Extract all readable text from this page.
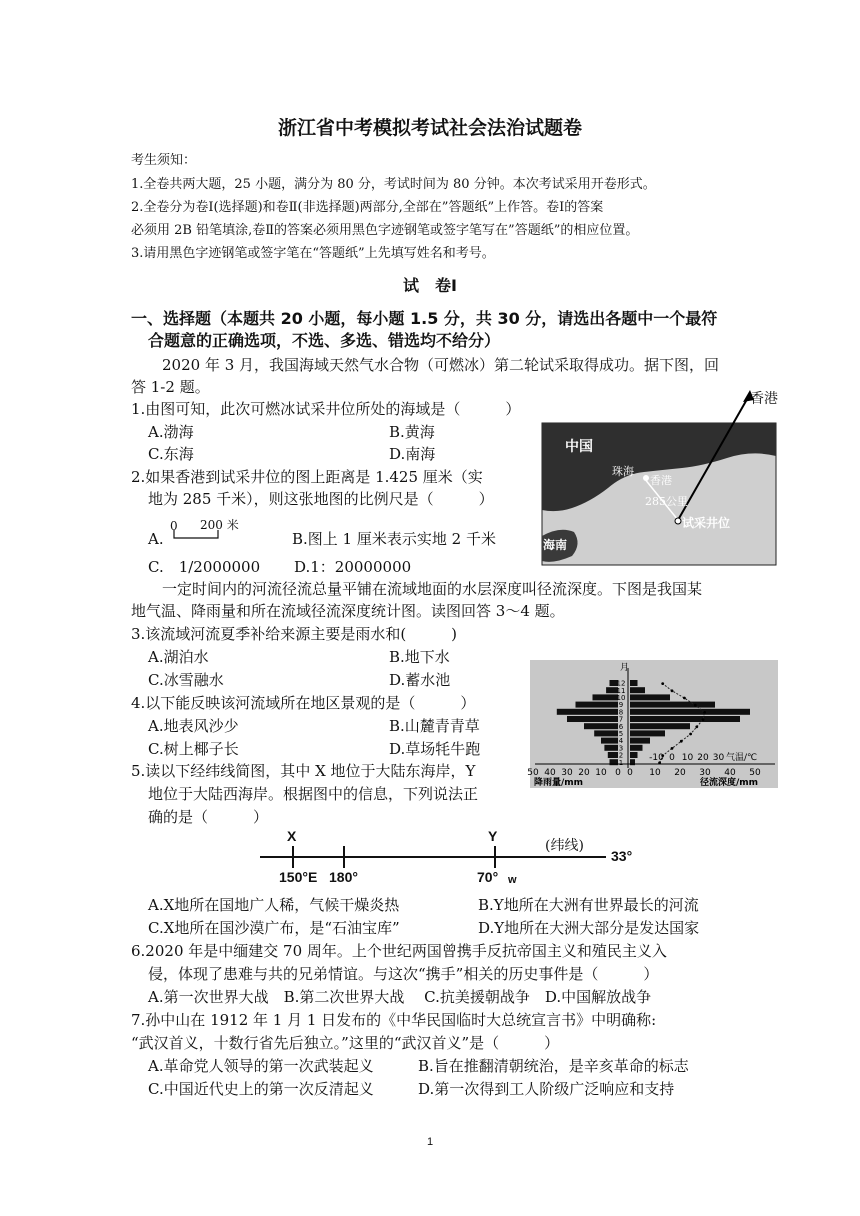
浙江省中考模拟考试社会法治试题卷
考生须知：
1.全卷共两大题，25 小题，满分为 80 分，考试时间为 80 分钟。本次考试采用开卷形式。
2.全卷分为卷Ⅰ(选择题)和卷Ⅱ(非选择题)两部分,全部在”答题纸”上作答。卷Ⅰ的答案
必须用 2B 铅笔填涂,卷Ⅱ的答案必须用黑色字迹钢笔或签字笔写在”答题纸”的相应位置。
3.请用黑色字迹钢笔或签字笔在“答题纸”上先填写姓名和考号。
试　卷Ⅰ
一、选择题（本题共 20 小题，每小题 1.5 分，共 30 分，请选出各题中一个最符
合题意的正确选项，不选、多选、错选均不给分）
2020 年 3 月，我国海域天然气水合物（可燃冰）第二轮试采取得成功。据下图，回
答 1-2 题。
1.由图可知，此次可燃冰试采井位所处的海域是（　　　）
A.渤海	B.黄海
C.东海	D.南海
2.如果香港到试采井位的图上距离是 1.425 厘米（实
地为 285 千米），则这张地图的比例尺是（　　　）
A.
0 200 米
B.图上 1 厘米表示实地 2 千米
C.　1/2000000 D.1：20000000
香港
中国
珠海
香港
285公里
试采井位
海南
一定时间内的河流径流总量平铺在流域地面的水层深度叫径流深度。下图是我国某
地气温、降雨量和所在流域径流深度统计图。读图回答 3～4 题。
3.该流域河流夏季补给来源主要是雨水和(　　　)
A.湖泊水	B.地下水
C.冰雪融水	D.蓄水池
4.以下能反映该河流域所在地区景观的是（　　　）
A.地表风沙少	B.山麓青青草
C.树上椰子长	D.草场牦牛跑
月
1
2
3
4
5
6
7
8
9
10
11
12
50 40 30 20 10 0 0 10 20 30 40 50
-10 0 10 20 30 气温/℃
降雨量/mm	径流深度/mm
5.读以下经纬线简图，其中 X 地位于大陆东海岸，Y
地位于大陆西海岸。根据图中的信息，下列说法正
确的是（　　　）
X	Y
(纬线)
33°
150°E 180°	70° w
A.X地所在国地广人稀，气候干燥炎热	B.Y地所在大洲有世界最长的河流
C.X地所在国沙漠广布，是“石油宝库”	D.Y地所在大洲大部分是发达国家
6.2020 年是中缅建交 70 周年。上个世纪两国曾携手反抗帝国主义和殖民主义入
侵，体现了患难与共的兄弟情谊。与这次“携手”相关的历史事件是（　　　）
A.第一次世界大战　B.第二次世界大战　 C.抗美援朝战争　D.中国解放战争
7.孙中山在 1912 年 1 月 1 日发布的《中华民国临时大总统宣言书》中明确称:
“武汉首义，十数行省先后独立。”这里的“武汉首义”是（　　　）
A.革命党人领导的第一次武装起义	B.旨在推翻清朝统治，是辛亥革命的标志
C.中国近代史上的第一次反清起义	D.第一次得到工人阶级广泛响应和支持
1
